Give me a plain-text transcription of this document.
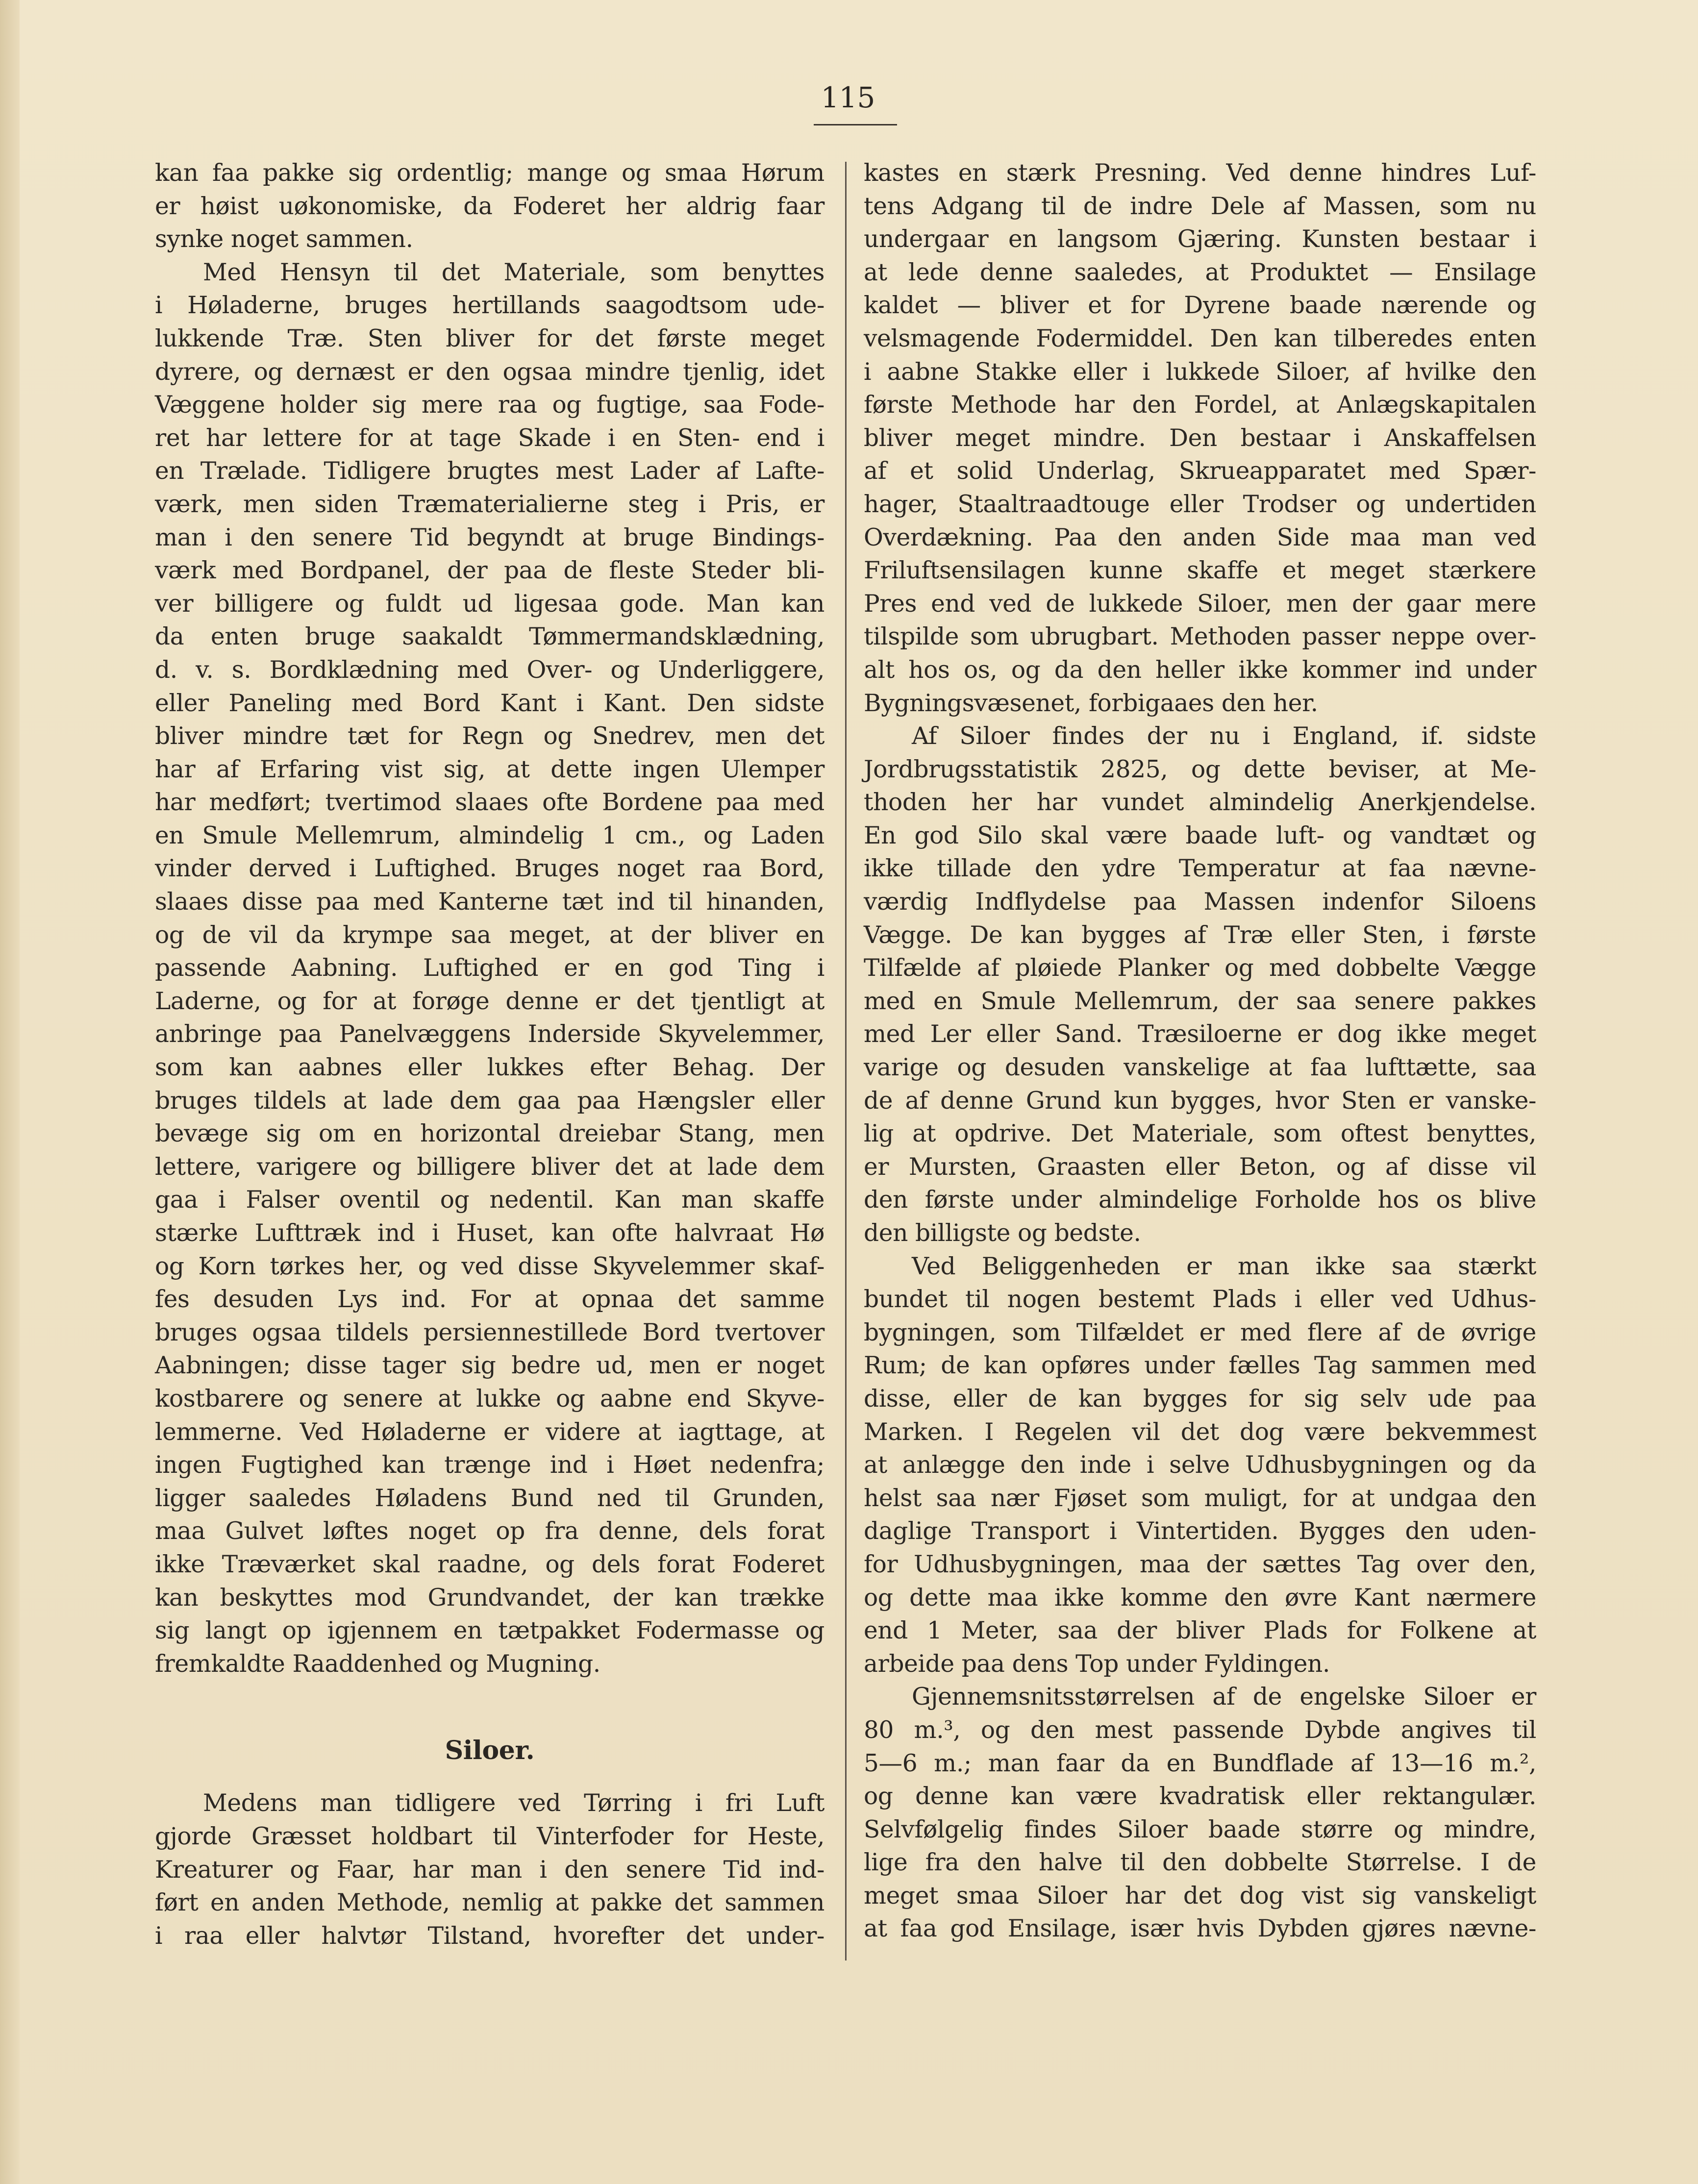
115
kan faa pakke sig ordentlig; mange og smaa Hørum
er høist uøkonomiske, da Foderet her aldrig faar
synke noget sammen.
Med Hensyn til det Materiale, som benyttes
i Høladerne, bruges hertillands saagodtsom ude-
lukkende Træ. Sten bliver for det første meget
dyrere, og dernæst er den ogsaa mindre tjenlig, idet
Væggene holder sig mere raa og fugtige, saa Fode-
ret har lettere for at tage Skade i en Sten- end i
en Trælade. Tidligere brugtes mest Lader af Lafte-
værk, men siden Træmaterialierne steg i Pris, er
man i den senere Tid begyndt at bruge Bindings-
værk med Bordpanel, der paa de fleste Steder bli-
ver billigere og fuldt ud ligesaa gode. Man kan
da enten bruge saakaldt Tømmermandsklædning,
d. v. s. Bordklædning med Over- og Underliggere,
eller Paneling med Bord Kant i Kant. Den sidste
bliver mindre tæt for Regn og Snedrev, men det
har af Erfaring vist sig, at dette ingen Ulemper
har medført; tvertimod slaaes ofte Bordene paa med
en Smule Mellemrum, almindelig 1 cm., og Laden
vinder derved i Luftighed. Bruges noget raa Bord,
slaaes disse paa med Kanterne tæt ind til hinanden,
og de vil da krympe saa meget, at der bliver en
passende Aabning. Luftighed er en god Ting i
Laderne, og for at forøge denne er det tjentligt at
anbringe paa Panelvæggens Inderside Skyvelemmer,
som kan aabnes eller lukkes efter Behag. Der
bruges tildels at lade dem gaa paa Hængsler eller
bevæge sig om en horizontal dreiebar Stang, men
lettere, varigere og billigere bliver det at lade dem
gaa i Falser oventil og nedentil. Kan man skaffe
stærke Lufttræk ind i Huset, kan ofte halvraat Hø
og Korn tørkes her, og ved disse Skyvelemmer skaf-
fes desuden Lys ind. For at opnaa det samme
bruges ogsaa tildels persiennestillede Bord tvertover
Aabningen; disse tager sig bedre ud, men er noget
kostbarere og senere at lukke og aabne end Skyve-
lemmerne. Ved Høladerne er videre at iagttage, at
ingen Fugtighed kan trænge ind i Høet nedenfra;
ligger saaledes Høladens Bund ned til Grunden,
maa Gulvet løftes noget op fra denne, dels forat
ikke Træværket skal raadne, og dels forat Foderet
kan beskyttes mod Grundvandet, der kan trække
sig langt op igjennem en tætpakket Fodermasse og
fremkaldte Raaddenhed og Mugning.
Siloer.
Medens man tidligere ved Tørring i fri Luft
gjorde Græsset holdbart til Vinterfoder for Heste,
Kreaturer og Faar, har man i den senere Tid ind-
ført en anden Methode, nemlig at pakke det sammen
i raa eller halvtør Tilstand, hvorefter det under-
kastes en stærk Presning. Ved denne hindres Luf-
tens Adgang til de indre Dele af Massen, som nu
undergaar en langsom Gjæring. Kunsten bestaar i
at lede denne saaledes, at Produktet — Ensilage
kaldet — bliver et for Dyrene baade nærende og
velsmagende Fodermiddel. Den kan tilberedes enten
i aabne Stakke eller i lukkede Siloer, af hvilke den
første Methode har den Fordel, at Anlægskapitalen
bliver meget mindre. Den bestaar i Anskaffelsen
af et solid Underlag, Skrueapparatet med Spær-
hager, Staaltraadtouge eller Trodser og undertiden
Overdækning. Paa den anden Side maa man ved
Friluftsensilagen kunne skaffe et meget stærkere
Pres end ved de lukkede Siloer, men der gaar mere
tilspilde som ubrugbart. Methoden passer neppe over-
alt hos os, og da den heller ikke kommer ind under
Bygningsvæsenet, forbigaaes den her.
Af Siloer findes der nu i England, if. sidste
Jordbrugsstatistik 2825, og dette beviser, at Me-
thoden her har vundet almindelig Anerkjendelse.
En god Silo skal være baade luft- og vandtæt og
ikke tillade den ydre Temperatur at faa nævne-
værdig Indflydelse paa Massen indenfor Siloens
Vægge. De kan bygges af Træ eller Sten, i første
Tilfælde af pløiede Planker og med dobbelte Vægge
med en Smule Mellemrum, der saa senere pakkes
med Ler eller Sand. Træsiloerne er dog ikke meget
varige og desuden vanskelige at faa lufttætte, saa
de af denne Grund kun bygges, hvor Sten er vanske-
lig at opdrive. Det Materiale, som oftest benyttes,
er Mursten, Graasten eller Beton, og af disse vil
den første under almindelige Forholde hos os blive
den billigste og bedste.
Ved Beliggenheden er man ikke saa stærkt
bundet til nogen bestemt Plads i eller ved Udhus-
bygningen, som Tilfældet er med flere af de øvrige
Rum; de kan opføres under fælles Tag sammen med
disse, eller de kan bygges for sig selv ude paa
Marken. I Regelen vil det dog være bekvemmest
at anlægge den inde i selve Udhusbygningen og da
helst saa nær Fjøset som muligt, for at undgaa den
daglige Transport i Vintertiden. Bygges den uden-
for Udhusbygningen, maa der sættes Tag over den,
og dette maa ikke komme den øvre Kant nærmere
end 1 Meter, saa der bliver Plads for Folkene at
arbeide paa dens Top under Fyldingen.
Gjennemsnitsstørrelsen af de engelske Siloer er
80 m.³, og den mest passende Dybde angives til
5—6 m.; man faar da en Bundflade af 13—16 m.²,
og denne kan være kvadratisk eller rektangulær.
Selvfølgelig findes Siloer baade større og mindre,
lige fra den halve til den dobbelte Størrelse. I de
meget smaa Siloer har det dog vist sig vanskeligt
at faa god Ensilage, især hvis Dybden gjøres nævne-
